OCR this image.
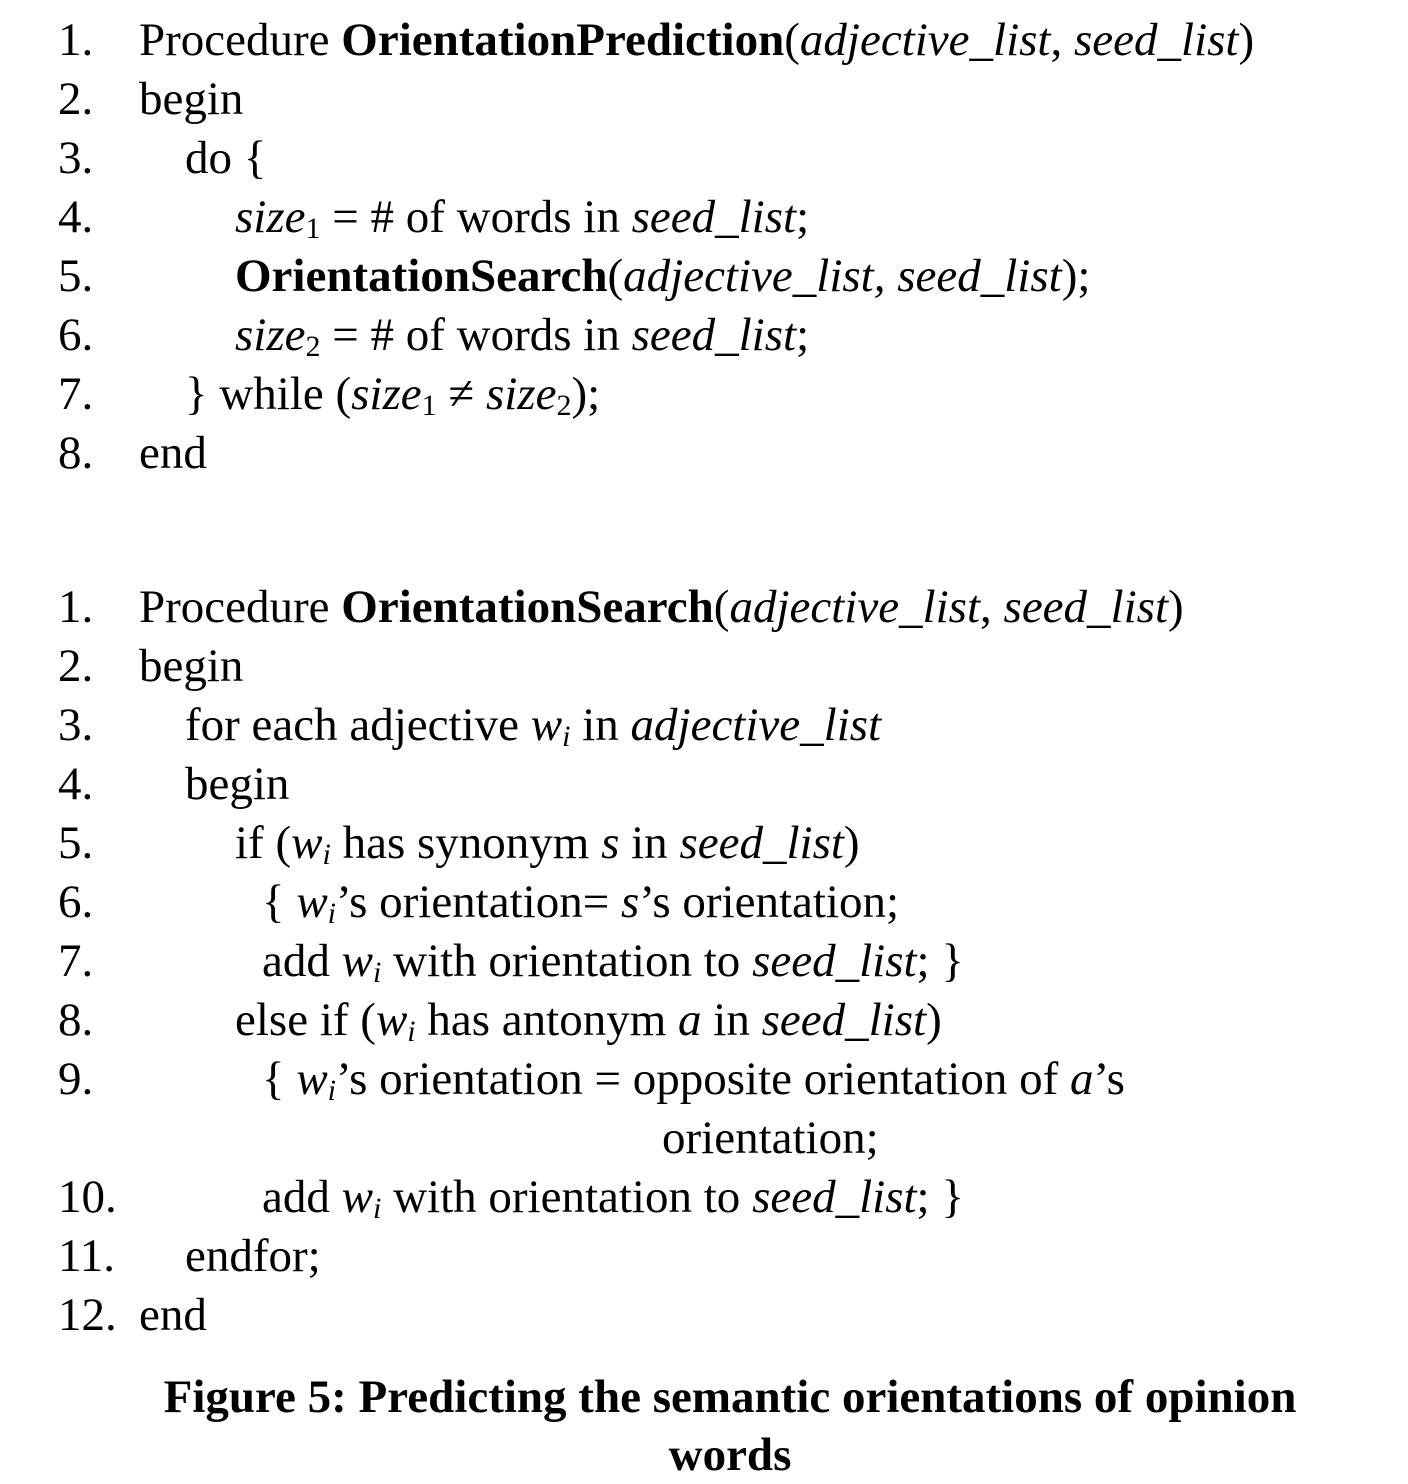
1. Procedure OrientationPrediction(adjective_list, seed_list)
2. begin
3. do {
4.	size$_1$ = # of words in seed_list;
5.	OrientationSearch(adjective_list, seed_list);
6.	size$_2$ = # of words in seed_list;
7. } while (size$_1$ ≠ size$_2$);
8. end
1. Procedure OrientationSearch(adjective_list, seed_list)
2. begin
3. for each adjective $w_i$ in adjective_list
4. begin
5.	if ($w_i$ has synonym s in seed_list)
6.	{ $w_i’s$ orientation= s’s orientation;
7.	add $w_i$ with orientation to seed_list; }
8.	else if ($w_i$ has antonym a in seed_list)
9.	{ $w_i’s$ orientation = opposite orientation of a’s
orientation;
10.	add $w_i$ with orientation to seed_list; }
11. endfor;
12. end
Figure 5: Predicting the semantic orientations of opinion
words
